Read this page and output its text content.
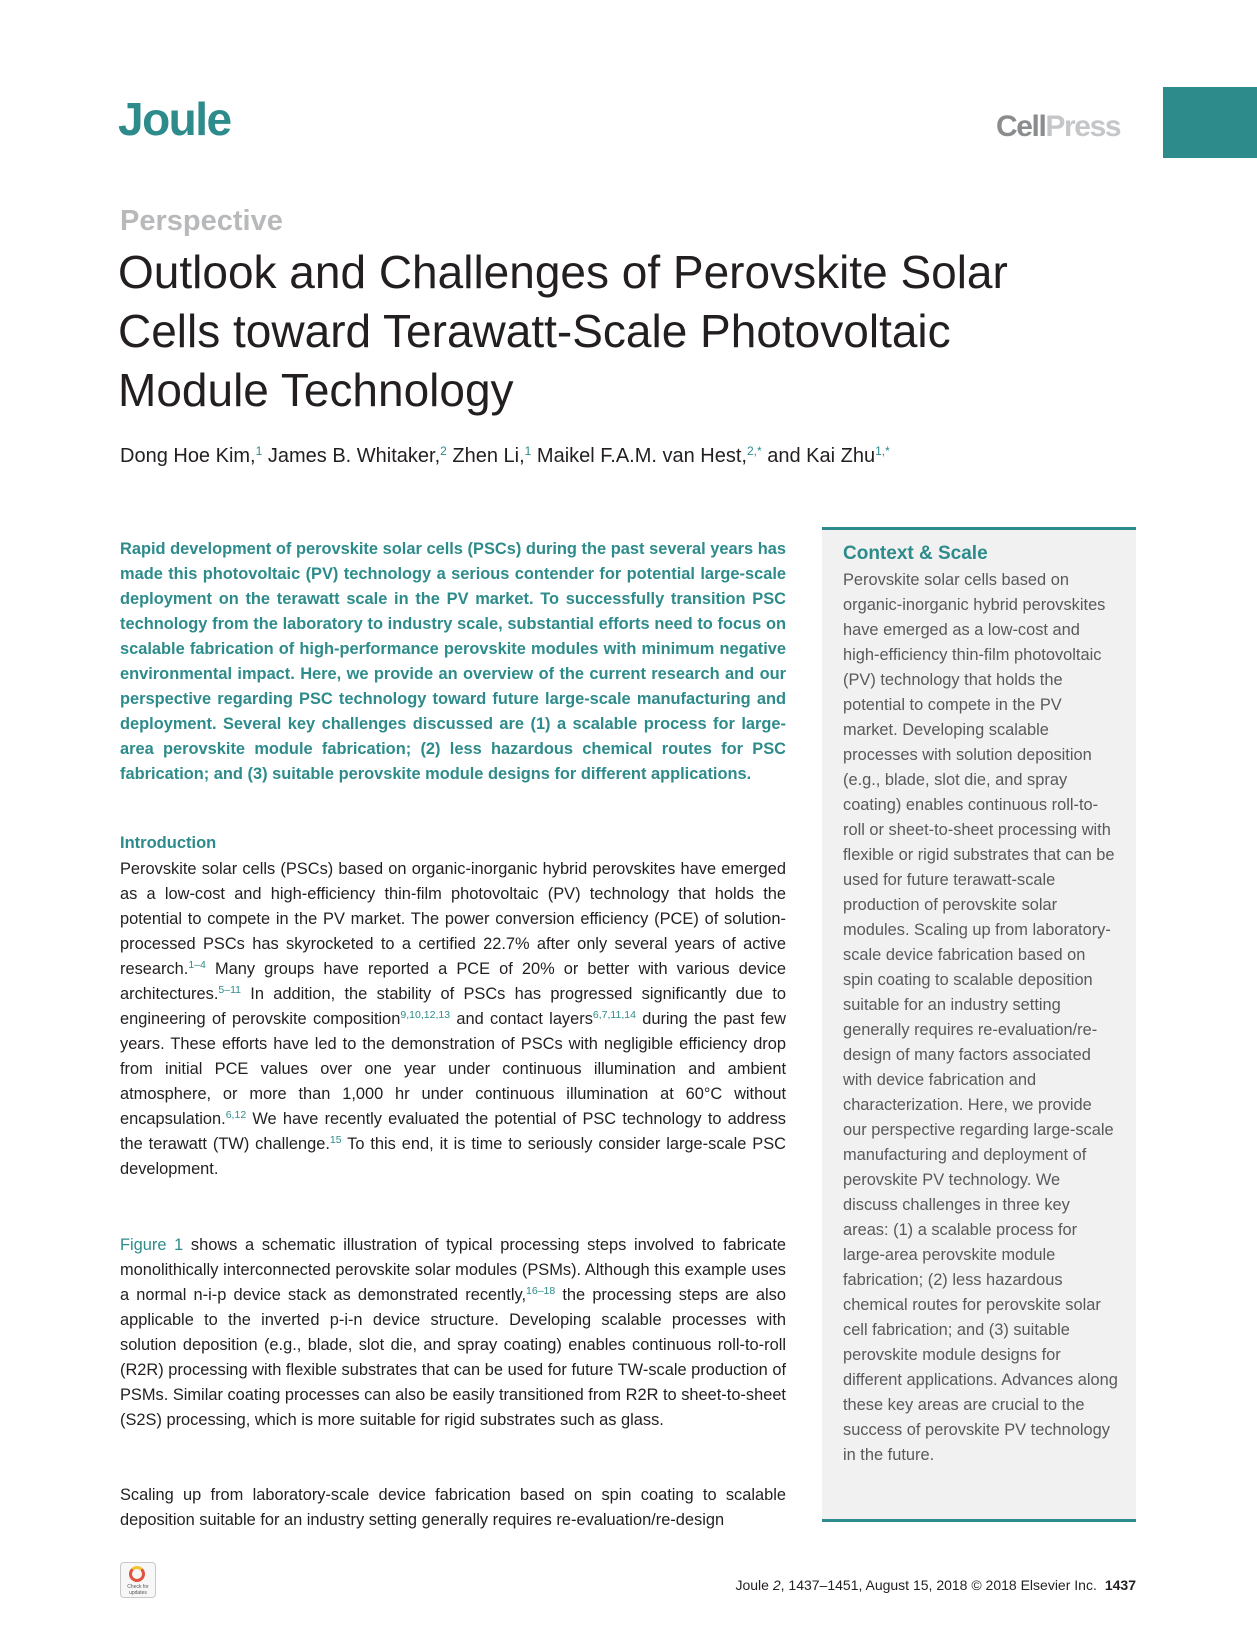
Joule	CellPress
Perspective
Outlook and Challenges of Perovskite Solar Cells toward Terawatt-Scale Photovoltaic Module Technology
Dong Hoe Kim,$^1$ James B. Whitaker,$^2$ Zhen Li,$^1$ Maikel F.A.M. van Hest,$^{2,*}$ and Kai Zhu$^{1,*}$

Rapid development of perovskite solar cells (PSCs) during the past several years has made this photovoltaic (PV) technology a serious contender for potential large-scale deployment on the terawatt scale in the PV market. To successfully transition PSC technology from the laboratory to industry scale, substantial efforts need to focus on scalable fabrication of high-performance perovskite modules with minimum negative environmental impact. Here, we provide an overview of the current research and our perspective regarding PSC technology toward future large-scale manufacturing and deployment. Several key challenges discussed are (1) a scalable process for large-area perovskite module fabrication; (2) less hazardous chemical routes for PSC fabrication; and (3) suitable perovskite module designs for different applications.

Introduction

Perovskite solar cells (PSCs) based on organic-inorganic hybrid perovskites have emerged as a low-cost and high-efficiency thin-film photovoltaic (PV) technology that holds the potential to compete in the PV market. The power conversion efficiency (PCE) of solution-processed PSCs has skyrocketed to a certified 22.7% after only several years of active research.$^{1-4}$ Many groups have reported a PCE of 20% or better with various device architectures.$^{5-11}$ In addition, the stability of PSCs has progressed significantly due to engineering of perovskite composition$^{9,10,12,13}$ and contact layers$^{6,7,11,14}$ during the past few years. These efforts have led to the demonstration of PSCs with negligible efficiency drop from initial PCE values over one year under continuous illumination and ambient atmosphere, or more than 1,000 hr under continuous illumination at 60°C without encapsulation.$^{6,12}$ We have recently evaluated the potential of PSC technology to address the terawatt (TW) challenge.$^{15}$ To this end, it is time to seriously consider large-scale PSC development.

Figure 1 shows a schematic illustration of typical processing steps involved to fabricate monolithically interconnected perovskite solar modules (PSMs). Although this example uses a normal n-i-p device stack as demonstrated recently,$^{16-18}$ the processing steps are also applicable to the inverted p-i-n device structure. Developing scalable processes with solution deposition (e.g., blade, slot die, and spray coating) enables continuous roll-to-roll (R2R) processing with flexible substrates that can be used for future TW-scale production of PSMs. Similar coating processes can also be easily transitioned from R2R to sheet-to-sheet (S2S) processing, which is more suitable for rigid substrates such as glass.

Scaling up from laboratory-scale device fabrication based on spin coating to scalable deposition suitable for an industry setting generally requires re-evaluation/re-design

Context & Scale

Perovskite solar cells based on organic-inorganic hybrid perovskites have emerged as a low-cost and high-efficiency thin-film photovoltaic (PV) technology that holds the potential to compete in the PV market. Developing scalable processes with solution deposition (e.g., blade, slot die, and spray coating) enables continuous roll-to-roll or sheet-to-sheet processing with flexible or rigid substrates that can be used for future terawatt-scale production of perovskite solar modules. Scaling up from laboratory-scale device fabrication based on spin coating to scalable deposition suitable for an industry setting generally requires re-evaluation/re-design of many factors associated with device fabrication and characterization. Here, we provide our perspective regarding large-scale manufacturing and deployment of perovskite PV technology. We discuss challenges in three key areas: (1) a scalable process for large-area perovskite module fabrication; (2) less hazardous chemical routes for perovskite solar cell fabrication; and (3) suitable perovskite module designs for different applications. Advances along these key areas are crucial to the success of perovskite PV technology in the future.

Check for updates	Joule 2, 1437–1451, August 15, 2018 © 2018 Elsevier Inc. 1437
